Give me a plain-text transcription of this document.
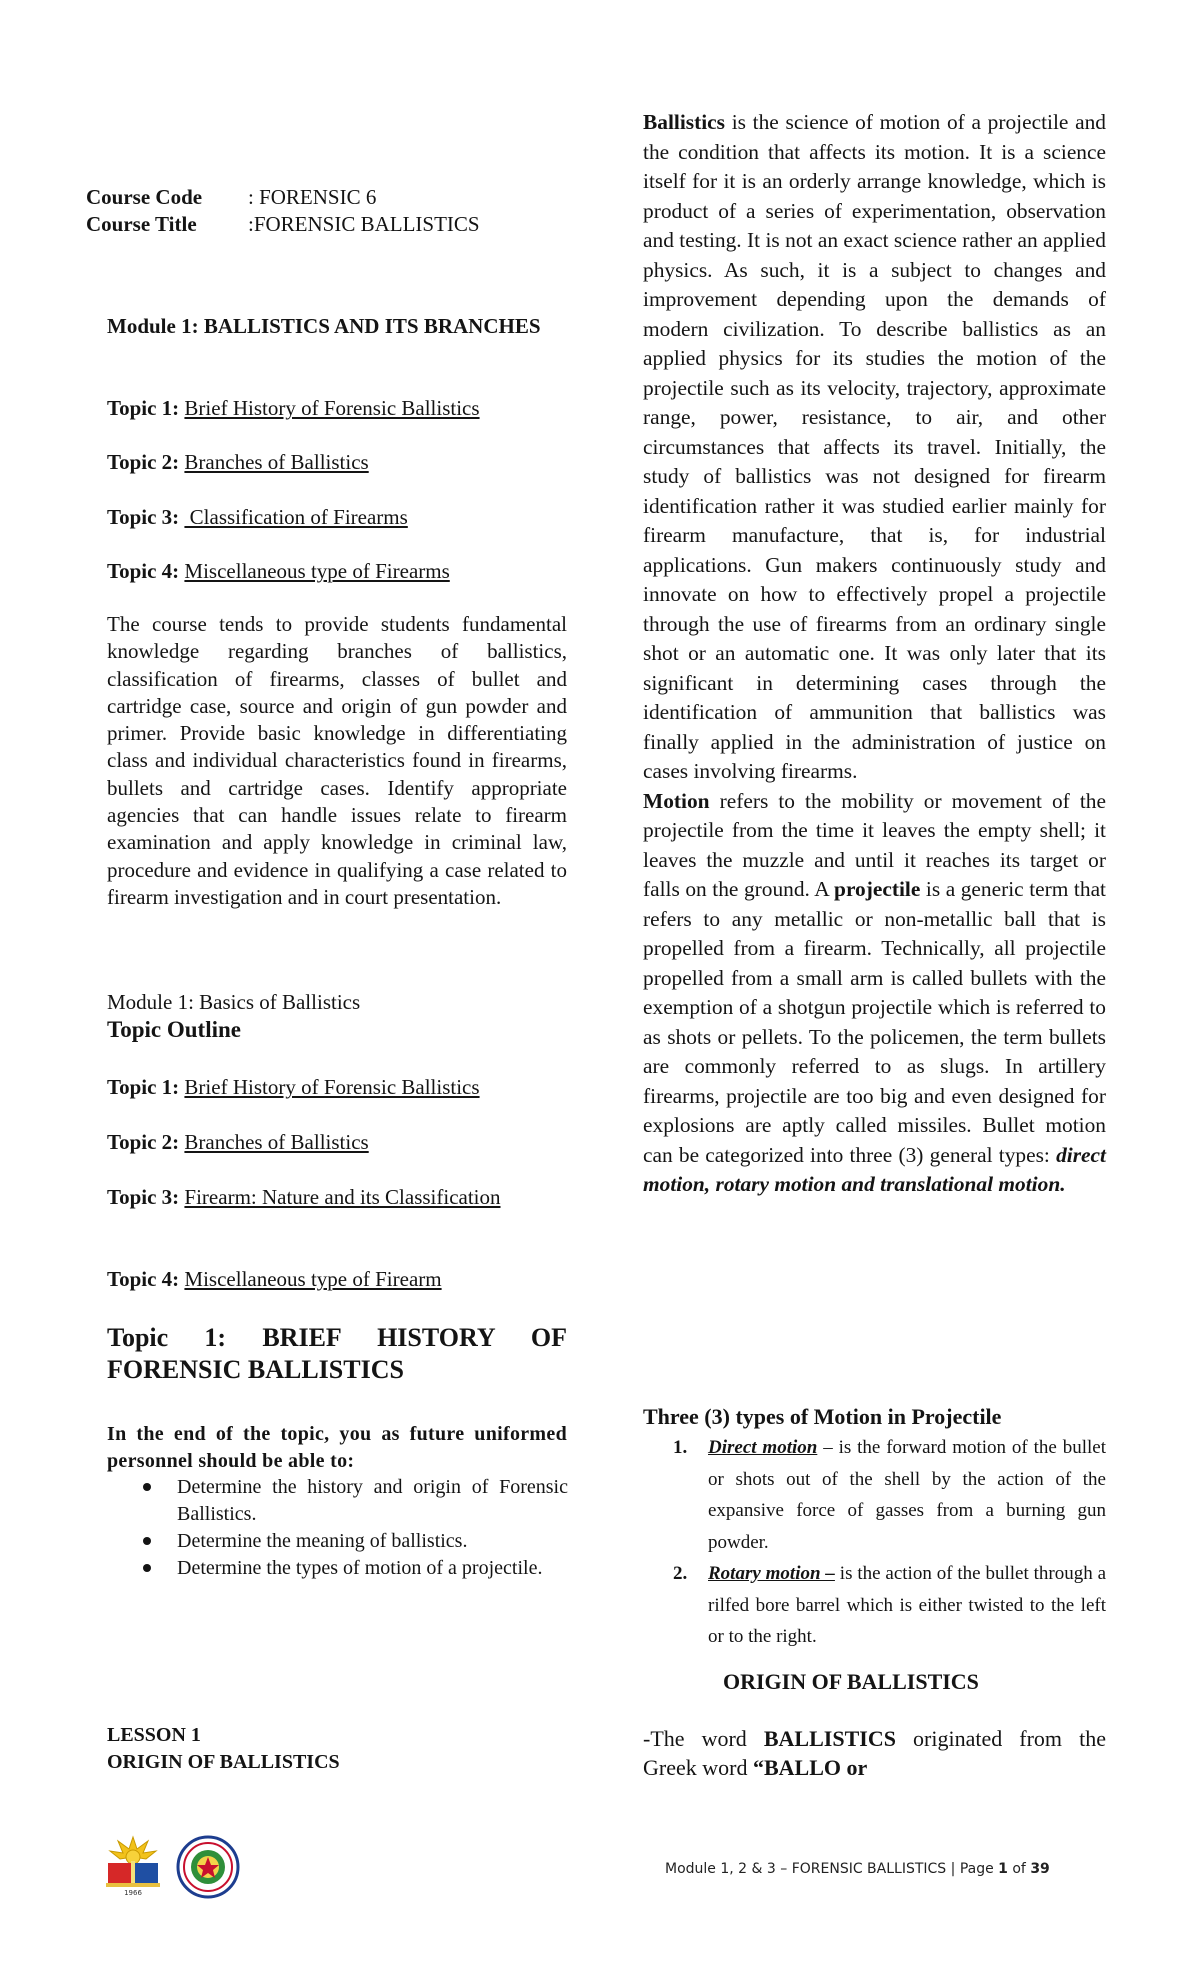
Course Code : FORENSIC 6
Course Title :FORENSIC BALLISTICS
Module 1: BALLISTICS AND ITS BRANCHES
Topic 1: Brief History of Forensic Ballistics
Topic 2: Branches of Ballistics
Topic 3:  Classification of Firearms
Topic 4: Miscellaneous type of Firearms
The course tends to provide students fundamental knowledge regarding branches of ballistics, classification of firearms, classes of bullet and cartridge case, source and origin of gun powder and primer. Provide basic knowledge in differentiating class and individual characteristics found in firearms, bullets and cartridge cases. Identify appropriate agencies that can handle issues relate to firearm examination and apply knowledge in criminal law, procedure and evidence in qualifying a case related to firearm investigation and in court presentation.
Module 1: Basics of Ballistics
Topic Outline
Topic 1: Brief History of Forensic Ballistics
Topic 2: Branches of Ballistics
Topic 3: Firearm: Nature and its Classification
Topic 4: Miscellaneous type of Firearm
Topic 1: BRIEF HISTORY OF FORENSIC BALLISTICS
In the end of the topic, you as future uniformed personnel should be able to:
Determine the history and origin of Forensic Ballistics.
Determine the meaning of ballistics.
Determine the types of motion of a projectile.
LESSON 1
ORIGIN OF BALLISTICS

Ballistics is the science of motion of a projectile and the condition that affects its motion. It is a science itself for it is an orderly arrange knowledge, which is product of a series of experimentation, observation and testing. It is not an exact science rather an applied physics. As such, it is a subject to changes and improvement depending upon the demands of modern civilization. To describe ballistics as an applied physics for its studies the motion of the projectile such as its velocity, trajectory, approximate range, power, resistance, to air, and other circumstances that affects its travel. Initially, the study of ballistics was not designed for firearm identification rather it was studied earlier mainly for firearm manufacture, that is, for industrial applications. Gun makers continuously study and innovate on how to effectively propel a projectile through the use of firearms from an ordinary single shot or an automatic one. It was only later that its significant in determining cases through the identification of ammunition that ballistics was finally applied in the administration of justice on cases involving firearms.

Motion refers to the mobility or movement of the projectile from the time it leaves the empty shell; it leaves the muzzle and until it reaches its target or falls on the ground. A projectile is a generic term that refers to any metallic or non-metallic ball that is propelled from a firearm. Technically, all projectile propelled from a small arm is called bullets with the exemption of a shotgun projectile which is referred to as shots or pellets. To the policemen, the term bullets are commonly referred to as slugs. In artillery firearms, projectile are too big and even designed for explosions are aptly called missiles. Bullet motion can be categorized into three (3) general types: direct motion, rotary motion and translational motion.

Three (3) types of Motion in Projectile
1. Direct motion – is the forward motion of the bullet or shots out of the shell by the action of the expansive force of gasses from a burning gun powder.
2. Rotary motion – is the action of the bullet through a rilfed bore barrel which is either twisted to the left or to the right.
ORIGIN OF BALLISTICS
-The word BALLISTICS originated from the Greek word “BALLO or
1966
Module 1, 2 & 3 – FORENSIC BALLISTICS | Page 1 of 39
